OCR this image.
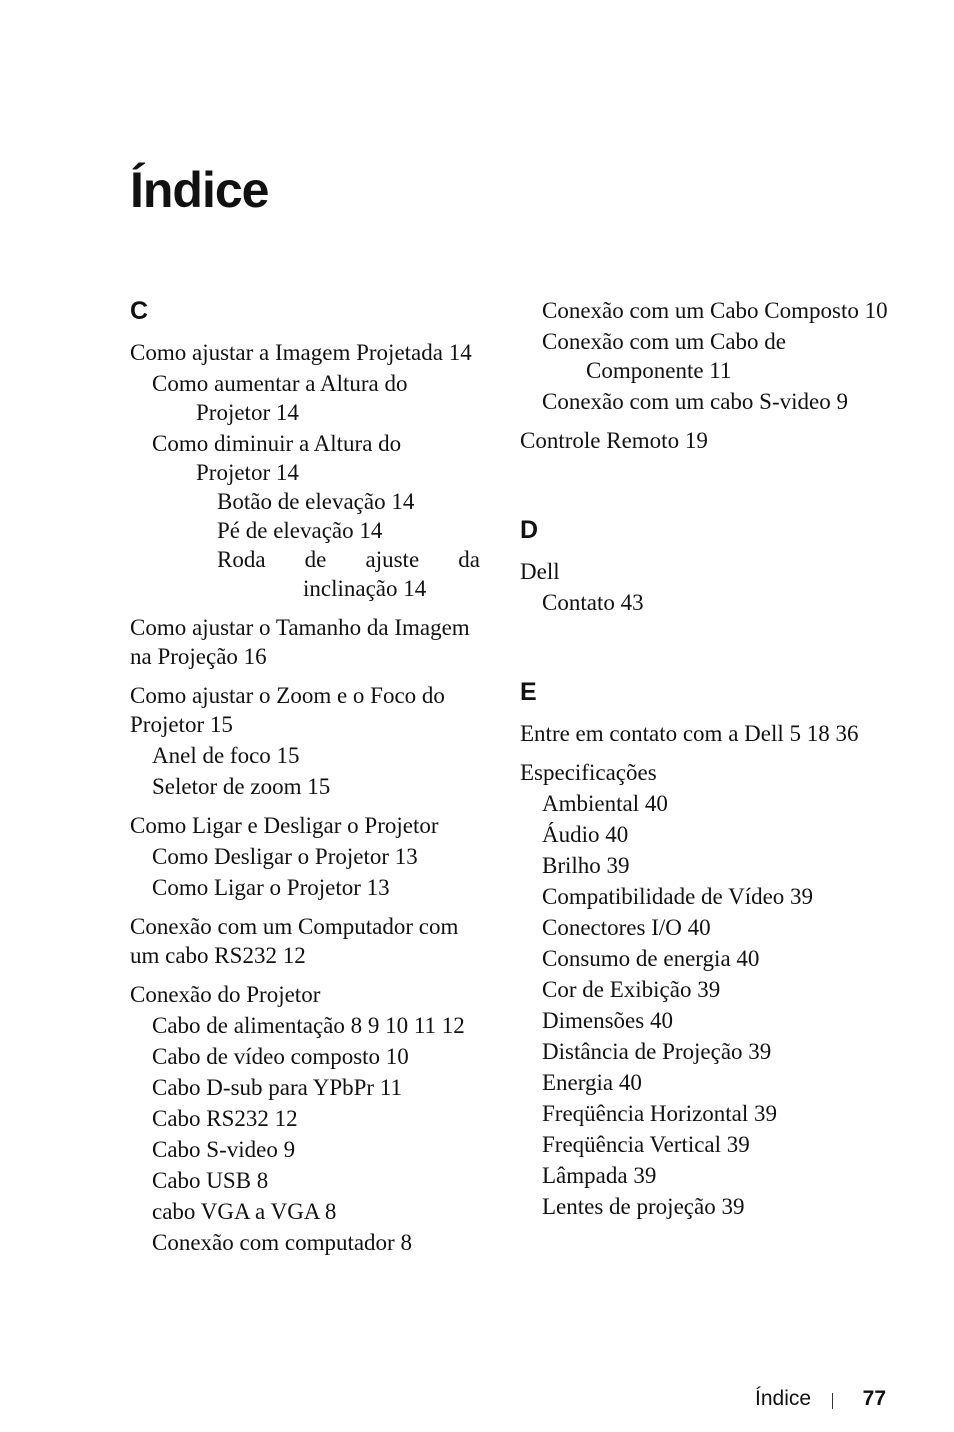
Índice
C
Como ajustar a Imagem Projetada 14
Como aumentar a Altura do Projetor 14
Como diminuir a Altura do Projetor 14
Botão de elevação 14
Pé de elevação 14
Roda de ajuste da inclinação 14
Como ajustar o Tamanho da Imagem na Projeção 16
Como ajustar o Zoom e o Foco do Projetor 15
Anel de foco 15
Seletor de zoom 15
Como Ligar e Desligar o Projetor
Como Desligar o Projetor 13
Como Ligar o Projetor 13
Conexão com um Computador com um cabo RS232 12
Conexão do Projetor
Cabo de alimentação 8 9 10 11 12
Cabo de vídeo composto 10
Cabo D-sub para YPbPr 11
Cabo RS232 12
Cabo S-video 9
Cabo USB 8
cabo VGA a VGA 8
Conexão com computador 8
Conexão com um Cabo Composto 10
Conexão com um Cabo de Componente 11
Conexão com um cabo S-video 9
Controle Remoto 19
D
Dell
Contato 43
E
Entre em contato com a Dell 5 18 36
Especificações
Ambiental 40
Áudio 40
Brilho 39
Compatibilidade de Vídeo 39
Conectores I/O 40
Consumo de energia 40
Cor de Exibição 39
Dimensões 40
Distância de Projeção 39
Energia 40
Freqüência Horizontal 39
Freqüência Vertical 39
Lâmpada 39
Lentes de projeção 39
Índice 77
